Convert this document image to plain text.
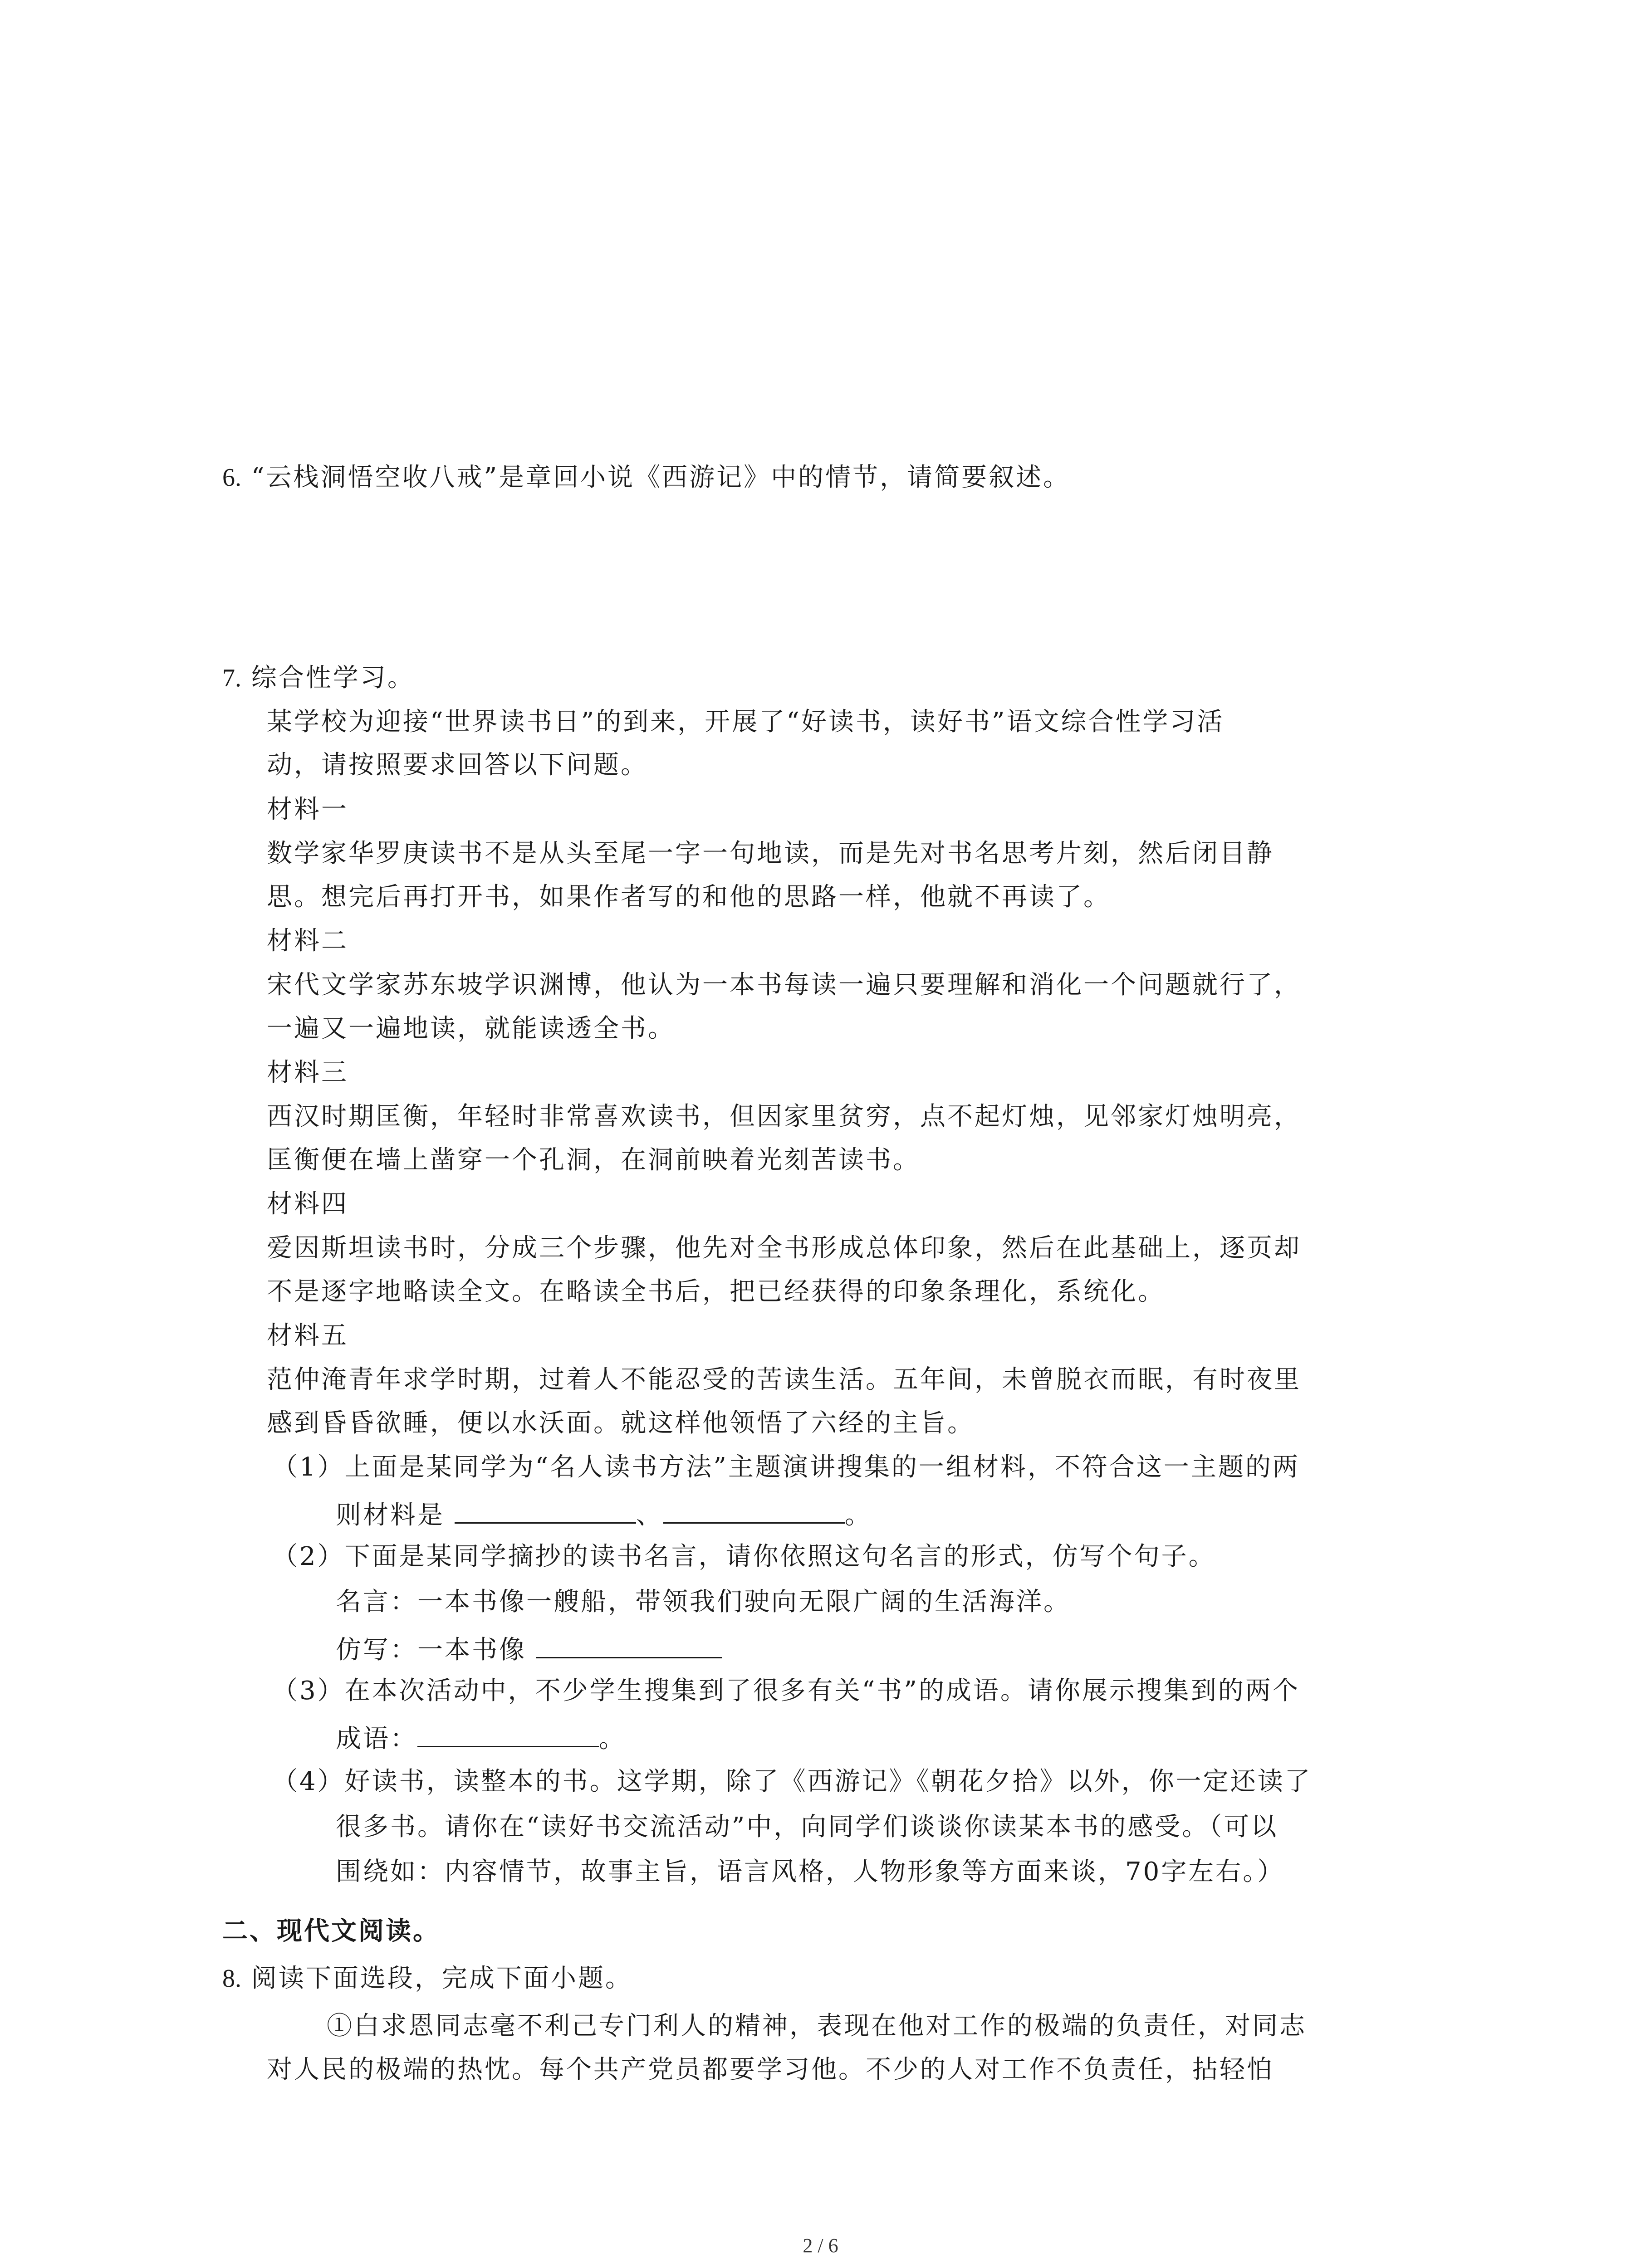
6. “云栈洞悟空收八戒”是章回小说《西游记》中的情节，请简要叙述。
7. 综合性学习。
某学校为迎接“世界读书日”的到来，开展了“好读书，读好书”语文综合性学习活
动，请按照要求回答以下问题。
材料一
数学家华罗庚读书不是从头至尾一字一句地读，而是先对书名思考片刻，然后闭目静
思。想完后再打开书，如果作者写的和他的思路一样，他就不再读了。
材料二
宋代文学家苏东坡学识渊博，他认为一本书每读一遍只要理解和消化一个问题就行了，
一遍又一遍地读，就能读透全书。
材料三
西汉时期匡衡，年轻时非常喜欢读书，但因家里贫穷，点不起灯烛，见邻家灯烛明亮，
匡衡便在墙上凿穿一个孔洞，在洞前映着光刻苦读书。
材料四
爱因斯坦读书时，分成三个步骤，他先对全书形成总体印象，然后在此基础上，逐页却
不是逐字地略读全文。在略读全书后，把已经获得的印象条理化，系统化。
材料五
范仲淹青年求学时期，过着人不能忍受的苦读生活。五年间，未曾脱衣而眠，有时夜里
感到昏昏欲睡，便以水沃面。就这样他领悟了六经的主旨。
（1）上面是某同学为“名人读书方法”主题演讲搜集的一组材料，不符合这一主题的两
则材料是	、	。
（2）下面是某同学摘抄的读书名言，请你依照这句名言的形式，仿写个句子。
名言：一本书像一艘船，带领我们驶向无限广阔的生活海洋。
仿写：一本书像
（3）在本次活动中，不少学生搜集到了很多有关“书”的成语。请你展示搜集到的两个
成语：	。
（4）好读书，读整本的书。这学期，除了《西游记》《朝花夕拾》以外，你一定还读了
很多书。请你在“读好书交流活动”中，向同学们谈谈你读某本书的感受。（可以
围绕如：内容情节，故事主旨，语言风格，人物形象等方面来谈，70字左右。）
二、现代文阅读。
8. 阅读下面选段，完成下面小题。
①白求恩同志毫不利己专门利人的精神，表现在他对工作的极端的负责任，对同志
对人民的极端的热忱。每个共产党员都要学习他。不少的人对工作不负责任，拈轻怕
2 / 6
